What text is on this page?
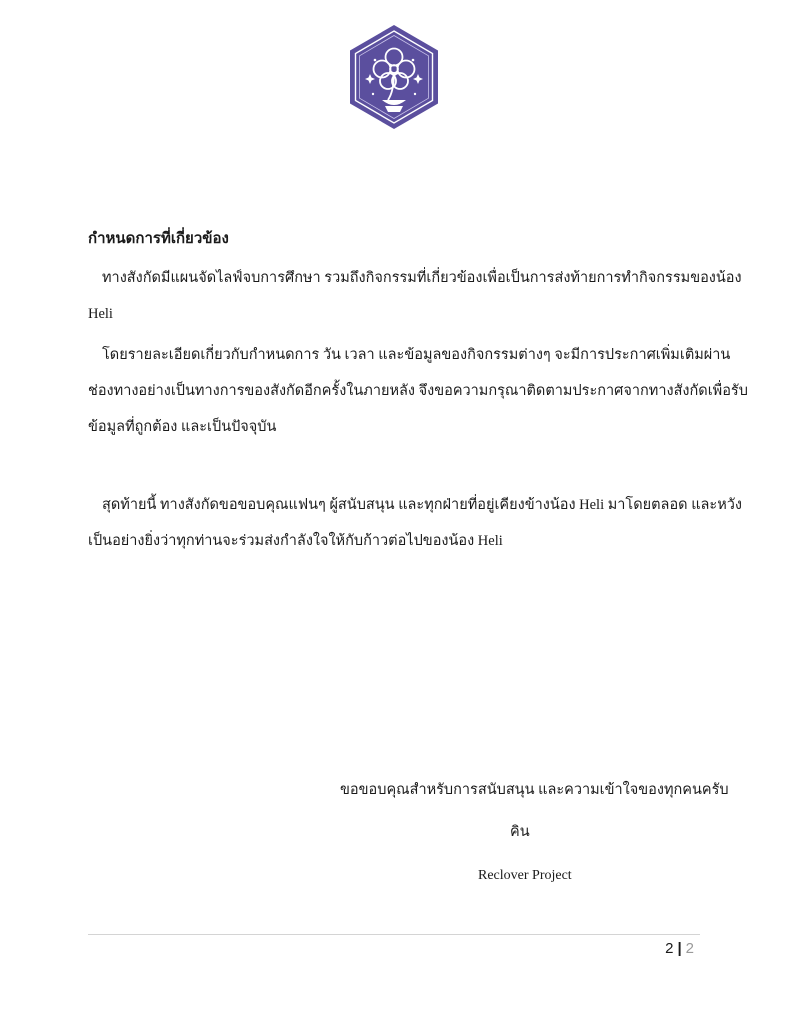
กำหนดการที่เกี่ยวข้อง
ทางสังกัดมีแผนจัดไลฟ์จบการศึกษา รวมถึงกิจกรรมที่เกี่ยวข้องเพื่อเป็นการส่งท้ายการทำกิจกรรมของน้อง
Heli
โดยรายละเอียดเกี่ยวกับกำหนดการ วัน เวลา และข้อมูลของกิจกรรมต่างๆ จะมีการประกาศเพิ่มเติมผ่าน
ช่องทางอย่างเป็นทางการของสังกัดอีกครั้งในภายหลัง จึงขอความกรุณาติดตามประกาศจากทางสังกัดเพื่อรับ
ข้อมูลที่ถูกต้อง และเป็นปัจจุบัน
สุดท้ายนี้ ทางสังกัดขอขอบคุณแฟนๆ ผู้สนับสนุน และทุกฝ่ายที่อยู่เคียงข้างน้อง Heli มาโดยตลอด และหวัง
เป็นอย่างยิ่งว่าทุกท่านจะร่วมส่งกำลังใจให้กับก้าวต่อไปของน้อง Heli

ขอขอบคุณสำหรับการสนับสนุน และความเข้าใจของทุกคนครับ

คิน

Reclover Project

2 | 2
